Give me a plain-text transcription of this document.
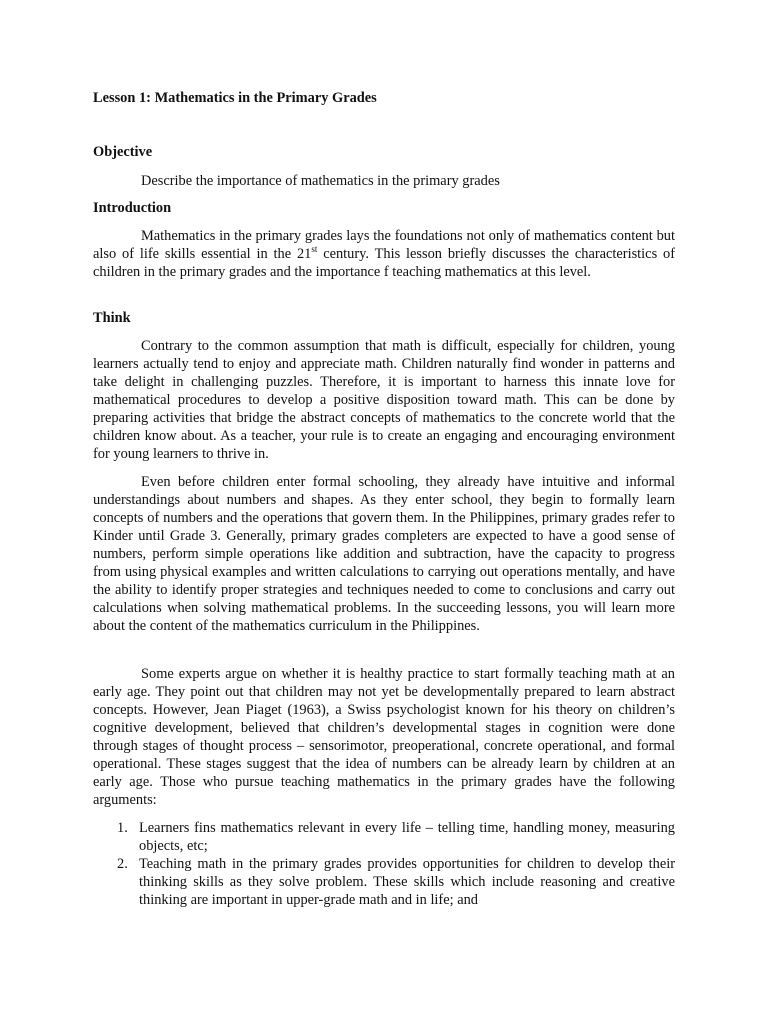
Lesson 1: Mathematics in the Primary Grades
Objective

Describe the importance of mathematics in the primary grades

Introduction

Mathematics in the primary grades lays the foundations not only of mathematics content but also of life skills essential in the 21st century. This lesson briefly discusses the characteristics of children in the primary grades and the importance f teaching mathematics at this level.

Think

Contrary to the common assumption that math is difficult, especially for children, young learners actually tend to enjoy and appreciate math. Children naturally find wonder in patterns and take delight in challenging puzzles. Therefore, it is important to harness this innate love for mathematical procedures to develop a positive disposition toward math. This can be done by preparing activities that bridge the abstract concepts of mathematics to the concrete world that the children know about. As a teacher, your rule is to create an engaging and encouraging environment for young learners to thrive in.

Even before children enter formal schooling, they already have intuitive and informal understandings about numbers and shapes. As they enter school, they begin to formally learn concepts of numbers and the operations that govern them. In the Philippines, primary grades refer to Kinder until Grade 3. Generally, primary grades completers are expected to have a good sense of numbers, perform simple operations like addition and subtraction, have the capacity to progress from using physical examples and written calculations to carrying out operations mentally, and have the ability to identify proper strategies and techniques needed to come to conclusions and carry out calculations when solving mathematical problems. In the succeeding lessons, you will learn more about the content of the mathematics curriculum in the Philippines.

Some experts argue on whether it is healthy practice to start formally teaching math at an early age. They point out that children may not yet be developmentally prepared to learn abstract concepts. However, Jean Piaget (1963), a Swiss psychologist known for his theory on children’s cognitive development, believed that children’s developmental stages in cognition were done through stages of thought process – sensorimotor, preoperational, concrete operational, and formal operational. These stages suggest that the idea of numbers can be already learn by children at an early age. Those who pursue teaching mathematics in the primary grades have the following arguments:

1. Learners fins mathematics relevant in every life – telling time, handling money, measuring objects, etc;
2. Teaching math in the primary grades provides opportunities for children to develop their thinking skills as they solve problem. These skills which include reasoning and creative thinking are important in upper-grade math and in life; and
